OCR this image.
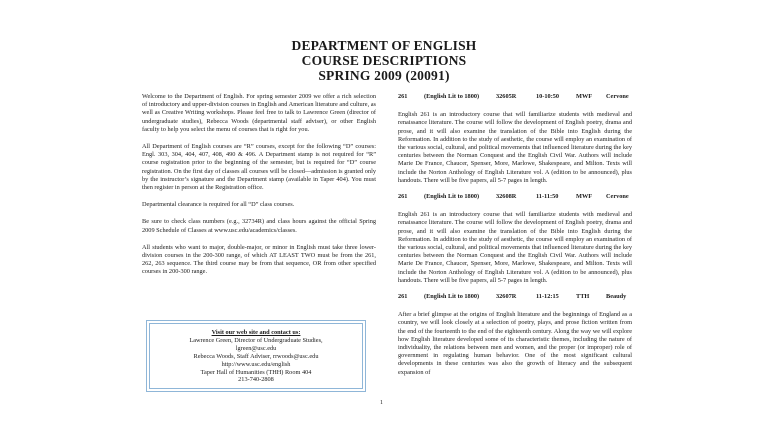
DEPARTMENT OF ENGLISH
COURSE DESCRIPTIONS
SPRING 2009 (20091)

Welcome to the Department of English. For spring semester 2009 we offer a rich selection of introductory and upper-division courses in English and American literature and culture, as well as Creative Writing workshops. Please feel free to talk to Lawrence Green (director of undergraduate studies), Rebecca Woods (departmental staff adviser), or other English faculty to help you select the menu of courses that is right for you.

All Department of English courses are “R” courses, except for the following “D” courses: Engl. 303, 304, 404, 407, 408, 490 & 496. A Department stamp is not required for “R” course registration prior to the beginning of the semester, but is required for “D” course registration. On the first day of classes all courses will be closed—admission is granted only by the instructor’s signature and the Department stamp (available in Taper 404). You must then register in person at the Registration office.

Departmental clearance is required for all “D” class courses.

Be sure to check class numbers (e.g., 32734R) and class hours against the official Spring 2009 Schedule of Classes at www.usc.edu/academics/classes.

All students who want to major, double-major, or minor in English must take three lower-division courses in the 200-300 range, of which AT LEAST TWO must be from the 261, 262, 263 sequence. The third course may be from that sequence, OR from other specified courses in 200-300 range.

Visit our web site and contact us:
Lawrence Green, Director of Undergraduate Studies,
lgreen@usc.edu
Rebecca Woods, Staff Adviser, rrwoods@usc.edu
http://www.usc.edu/english
Taper Hall of Humanities (THH) Room 404
213-740-2808
261	(English Lit to 1800)	32605R	10-10:50	MWF	Cervone

English 261 is an introductory course that will familiarize students with medieval and renaissance literature. The course will follow the development of English poetry, drama and prose, and it will also examine the translation of the Bible into English during the Reformation. In addition to the study of aesthetic, the course will employ an examination of the various social, cultural, and political movements that influenced literature during the key centuries between the Norman Conquest and the English Civil War. Authors will include Marie De France, Chaucer, Spenser, More, Marlowe, Shakespeare, and Milton. Texts will include the Norton Anthology of English Literature vol. A (edition to be announced), plus handouts. There will be five papers, all 5-7 pages in length.

261	(English Lit to 1800)	32608R	11-11:50	MWF	Cervone

English 261 is an introductory course that will familiarize students with medieval and renaissance literature. The course will follow the development of English poetry, drama and prose, and it will also examine the translation of the Bible into English during the Reformation. In addition to the study of aesthetic, the course will employ an examination of the various social, cultural, and political movements that influenced literature during the key centuries between the Norman Conquest and the English Civil War. Authors will include Marie De France, Chaucer, Spenser, More, Marlowe, Shakespeare, and Milton. Texts will include the Norton Anthology of English Literature vol. A (edition to be announced), plus handouts. There will be five papers, all 5-7 pages in length.

261	(English Lit to 1800)	32607R	11-12:15	TTH	Beaudy

After a brief glimpse at the origins of English literature and the beginnings of England as a country, we will look closely at a selection of poetry, plays, and prose fiction written from the end of the fourteenth to the end of the eighteenth century. Along the way we will explore how English literature developed some of its characteristic themes, including the nature of individuality, the relations between men and women, and the proper (or improper) role of government in regulating human behavior. One of the most significant cultural developments in these centuries was also the growth of literacy and the subsequent expansion of

1
